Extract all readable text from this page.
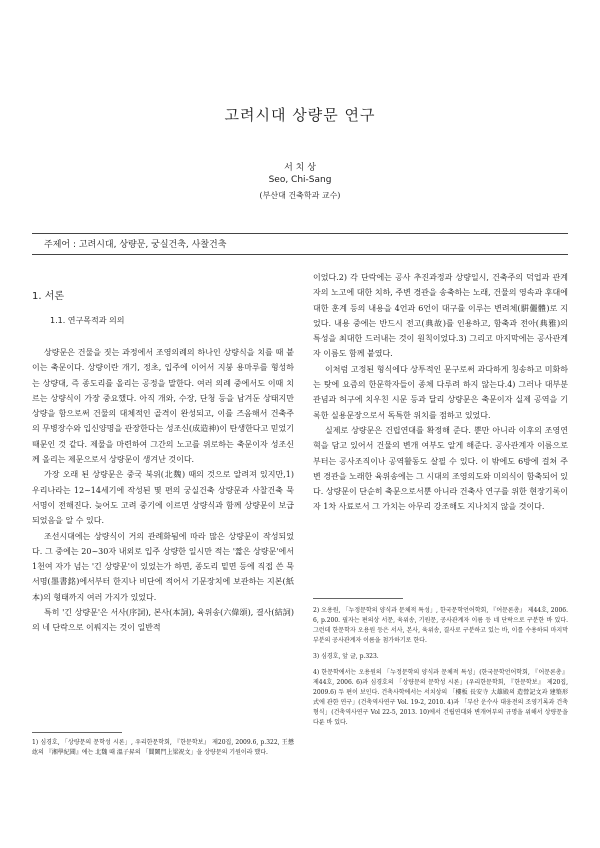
고려시대 상량문 연구
서 치 상
Seo, Chi-Sang
(부산대 건축학과 교수)
주제어 : 고려시대, 상량문, 궁실건축, 사찰건축
1. 서론
1.1. 연구목적과 의의

상량문은 건물을 짓는 과정에서 조영의례의 하나인 상량식을 치를 때 붙이는 축문이다. 상량이란 개기, 정초, 입주에 이어서 지붕 용마루를 형성하는 상량대, 즉 종도리를 올리는 공정을 말한다. 여러 의례 중에서도 이때 치르는 상량식이 가장 중요했다. 아직 개와, 수장, 단청 등을 남겨둔 상태지만 상량을 함으로써 건물의 대체적인 골격이 완성되고, 이를 즈음해서 건축주의 무병장수와 입신양명을 관장한다는 성조신(成造神)이 탄생한다고 믿었기 때문인 것 같다. 제물을 마련하여 그간의 노고를 위로하는 축문이자 성조신께 올리는 제문으로서 상량문이 생겨난 것이다.

가장 오래 된 상량문은 중국 북위(北魏) 때의 것으로 알려져 있지만,1) 우리나라는 12~14세기에 작성된 몇 편의 궁실건축 상량문과 사찰건축 묵서명이 전해진다. 늦어도 고려 중기에 이르면 상량식과 함께 상량문이 보급되었음을 알 수 있다.

조선시대에는 상량식이 거의 관례화됨에 따라 많은 상량문이 작성되었다. 그 중에는 20~30자 내외로 입주 상량한 일시만 적는 '짧은 상량문'에서 1천여 자가 넘는 '긴 상량문'이 있었는가 하면, 종도리 밑면 등에 직접 쓴 묵서명(墨書銘)에서부터 한지나 비단에 적어서 기문장치에 보관하는 지본(紙本)의 형태까지 여러 가지가 있었다.

특히 '긴 상량문'은 서사(序詞), 본사(本詞), 육위송(六偉頌), 결사(結詞)의 네 단락으로 이뤄지는 것이 일반적

1) 심경호, 「상량문의 문학성 시론」, 우리한문학회, 『한문학보』 제20집, 2009.6, p.322, 王懋竑의 『湘學紀聞』에는 北魏 때 溫子昇의 「閶闔門上梁祝文」을 상량문의 기원이라 했다.

이었다.2) 각 단락에는 공사 추진과정과 상량일시, 건축주의 덕업과 관계자의 노고에 대한 치하, 주변 경관을 송축하는 노래, 건물의 영속과 후대에 대한 훈계 등의 내용을 4언과 6언이 대구를 이루는 변려체(騈儷體)로 지었다. 내용 중에는 반드시 전고(典故)를 인용하고, 함축과 전아(典雅)의 특성을 최대한 드러내는 것이 원칙이었다.3) 그리고 마지막에는 공사관계자 이름도 함께 붙였다.

이처럼 고정된 형식에다 상투적인 문구로써 과다하게 칭송하고 미화하는 탓에 요즘의 한문학자들이 종체 다루려 하지 않는다.4) 그러나 대부분 관념과 허구에 치우친 시문 등과 달리 상량문은 축문이자 실제 공역을 기록한 실용문장으로서 독특한 위치를 점하고 있었다.

실제로 상량문은 건립연대를 확정해 준다. 뿐만 아니라 이후의 조영연혁을 담고 있어서 건물의 변개 여부도 알게 해준다. 공사관계자 이름으로부터는 공사조직이나 공역활동도 살필 수 있다. 이 밖에도 6방에 걸쳐 주변 경관을 노래한 육위송에는 그 시대의 조영의도와 미의식이 함축되어 있다. 상량문이 단순히 축문으로서뿐 아니라 건축사 연구를 위한 현장기록이자 1차 사료로서 그 가치는 아무리 강조해도 지나치지 않을 것이다.

2) 오용원, 「누정문학의 양식과 문체적 특성」, 한국문학언어학회, 『어문론총』 제44호, 2006. 6, p.200. 필자는 편의상 서문, 육위송, 기원문, 공사관계자 이름 등 네 단락으로 구분한 바 있다. 그런데 한문학자 오용원 등은 서사, 본사, 육위송, 결사로 구분하고 있는 바, 이를 수용하되 마지막 부분의 공사관계자 이름을 첨가하기로 한다.

3) 심경호, 앞 글, p.323.

4) 한문학에서는 오용원의 「누정문학의 양식과 문체적 특성」(한국문학언어학회, 『어문론총』 제44호, 2006. 6)과 심경호의 「상량문의 문학성 시론」(우리한문학회, 『한문학보』 제20집, 2009.6) 두 편이 보인다. 건축사학에서는 서치상의 「樓板 長安寺 大雄殿의 造營記文과 建築形式에 관한 연구」(건축역사연구 Vol. 19-2, 2010. 4)과 「부산 운수사 대웅전의 조영기록과 건축형식」(건축역사연구 Vol 22-5, 2013. 10)에서 건립연대와 변개여부의 규명을 위해서 상량문을 다룬 바 있다.
